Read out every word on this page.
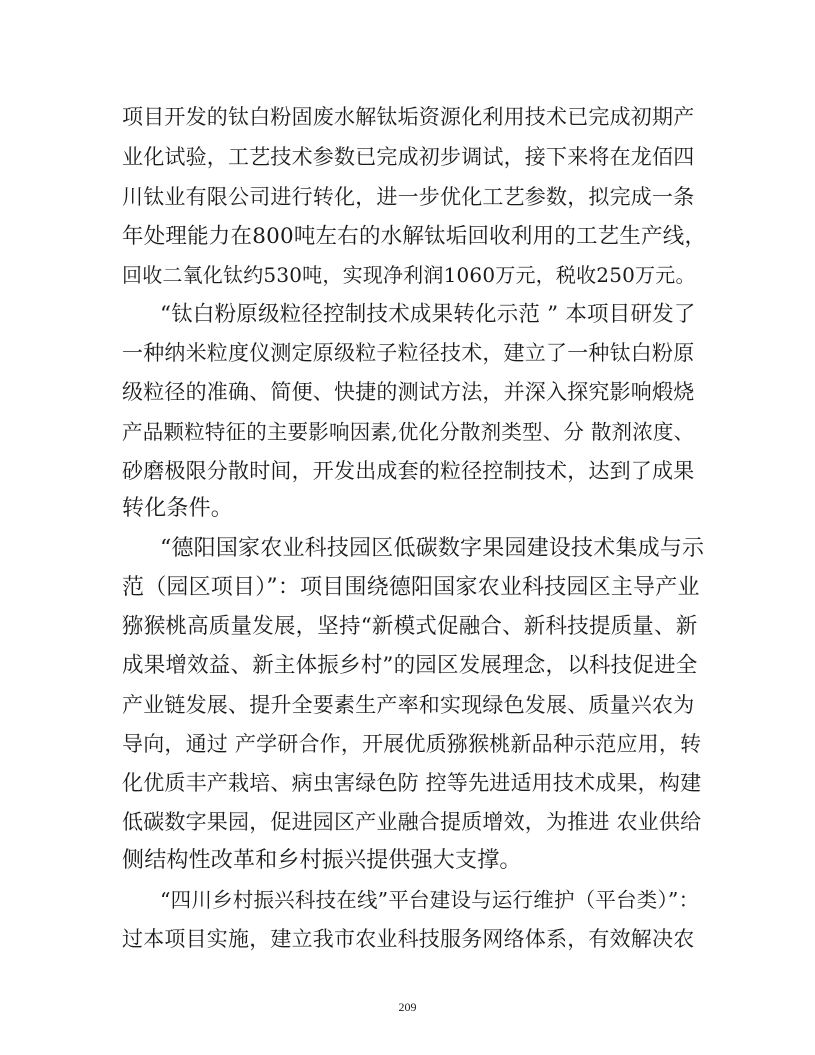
项目开发的钛白粉固废水解钛垢资源化利用技术已完成初期产
业化试验，工艺技术参数已完成初步调试，接下来将在龙佰四
川钛业有限公司进行转化，进一步优化工艺参数，拟完成一条
年处理能力在800吨左右的水解钛垢回收利用的工艺生产线，
回收二氧化钛约530吨，实现净利润1060万元，税收250万元。
“钛白粉原级粒径控制技术成果转化示范 ” 本项目研发了
一种纳米粒度仪测定原级粒子粒径技术，建立了一种钛白粉原
级粒径的准确、简便、快捷的测试方法，并深入探究影响煅烧
产品颗粒特征的主要影响因素,优化分散剂类型、分 散剂浓度、
砂磨极限分散时间，开发出成套的粒径控制技术，达到了成果
转化条件。
“德阳国家农业科技园区低碳数字果园建设技术集成与示
范（园区项目）”：项目围绕德阳国家农业科技园区主导产业
猕猴桃高质量发展，坚持“新模式促融合、新科技提质量、新
成果增效益、新主体振乡村”的园区发展理念，以科技促进全
产业链发展、提升全要素生产率和实现绿色发展、质量兴农为
导向，通过 产学研合作，开展优质猕猴桃新品种示范应用，转
化优质丰产栽培、病虫害绿色防 控等先进适用技术成果，构建
低碳数字果园，促进园区产业融合提质增效，为推进 农业供给
侧结构性改革和乡村振兴提供强大支撑。
“四川乡村振兴科技在线”平台建设与运行维护（平台类）”：
过本项目实施，建立我市农业科技服务网络体系，有效解决农
209
